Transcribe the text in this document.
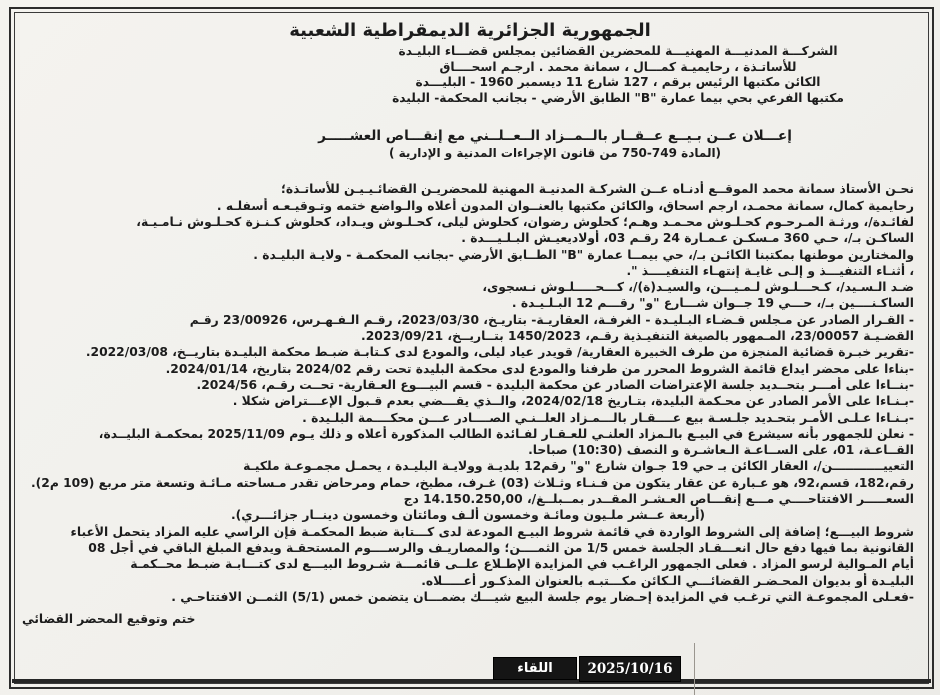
الجمهورية الجزائرية الديمقراطية الشعبية
الشركـــة المدنيـــة المهنيـــة للمحضرين القضائين بمجلس قضـــاء البليـدة
للأساتـذة ، رحايميـة كمـــال ، سمانة محمد . ارجـم اسحــــاق
الكائن مكتبها الرئيس برقم ، 127 شارع 11 ديسمبر 1960 - البليـــدة
مكتبها الفرعي بحي بيما عمارة "B" الطابق الأرضي - بجانب المحكمة- البليدة
إعـــلان عــن بـيــع عــقــار بالــمــزاد الــعــلــني مع إنقـــاص العشـــــر
(المادة 749-750 من قانون الإجراءات المدنية و الإدارية )
نحـن الأستاذ سمانة محمد الموقــع أدنـاه عــن الشركـة المدنيـة المهنية للمحضريـن القضائـيـيـن للأساتـذة؛
رحايمية كمال، سمانة محمـد، ارجم اسحاق، والكائن مكتبها بالعنــوان المدون أعلاه والـواضع ختمه وتـوقيـعـه أسفلـه .
لفائـدة/، ورثـة المـرحـوم كحـلـوش محـمـد وهـم؛ كحلوش رضوان، كحلوش ليلى، كحـلـوش ويـداد، كحلوش كـنـزة كحـلـوش نـامـيـة،
الساكـن بـ/، حـي 360 مـسكـن عـمـارة 24 رقـم 03، أولاديعيـش البـلـيـــدة .
والمختارين موطنها بمكتبنا الكائـن بـ/، حي بيمــا عمارة "B" الطــابق الأرضي -بجانب المحكمـة - ولايـة البليـدة .
، أثنـاء التنفيـــذ و إلـى غايـة إنتهـاء التنفيــــذ ".
ضـد الـسـيد/، كـحـــلـوش لـمـيـــن، والسيـد(ة)/، كـــحـــــلـوش نـسجوى،
الساكـنــــين بـ/، حـــي 19 جــوان شـــارع "و" رقـــم 12 البـلـيـدة .
- القـرار الصادر عن مـجلس قـضـاء البـليـدة - الغرفـة، العقاريـة- بتاريـخ، 2023/03/30، رقـم الـفـهـرس، 23/00926 رقـم
القضـيـة 23/00057، المـمهور بالصيغة التنفيـذية رقـم، 1450/2023 بتــاريــخ، 2023/09/21.
-تقرير خبـرة قضائية المنجزة من طرف الخبيرة العقارية/ قويدر عياد ليلى، والمودع لدى كـتابـة ضبـط محكمة البليـدة بتاريــخ، 2022/03/08.
-بناءا على محضر ايداع قائمة الشروط المحرر من طرفنا والمودع لدى محكمة البليدة تحت رقم 2024/02 بتاريخ، 2024/01/14.
-بنــاءا على أمـــر بتحــديد جلسة الإعتراضات الصادر عن محكمة البليدة - قسم البيـــوع العـقارية- تحــت رقـم، 2024/56.
-بـنـاءا على الأمر الصادر عن محـكمة البليدة، بتـاريخ 2024/02/18، والــذي يقـــضي بعدم قـبول الإعـــتراض شكلا .
-بـنـاءا عـلـى الأمـر بتحـديد جلـسـة بيع عــــقـار بالـــمـزاد العلــنـي الصــــادر عـــن محكــــمة البلـيدة .
- نعلن للجمهور بأنه سيشرع في البيـع بالـمزاد العلنـي للعـقـار لفـائدة الطالب المذكورة أعلاه و ذلك يـوم 2025/11/09 بمحكمـة البليــدة،
القــاعـة، 01، على الســاعـة الـعاشـرة و النصف (10:30) صباحا.
التعييــــــــــــن/، العقار الكائن بـ حي 19 جـوان شارع "و" رقم12 بلديـة وولايـة البليـدة ، يحمـل مجمـوعـة ملكيـة
رقم،182، قسم،92، هو عـبارة عن عقار يتكون من فـنـاء وثـلاث (03) غـرف، مطبخ، حمام ومرحاض تقدر مـساحته مـائـة وتسعة متر مربع (109 م2).
السعـــــر الافتتاحــــي مـــع إنقـــاص العـشـر المقــدر بمــبلــغ/، 14.150.250,00 دج
(أربعة عــشر ملـيون ومائـة وخمسون ألـف ومائتان وخمسون دينــار جزائـــري).
شروط البيـــع؛ إضافة إلى الشروط الواردة في قائمة شروط البيـع المودعة لدى كـــتابة ضبط المحكمـة فإن الراسي عليه المزاد يتحمل الأعباء
القانونية بما فيها دفع حال انعـــقـاد الجلسة خمس 1/5 من الثمــــن؛ والمصاريـف والرســــوم المستحقـة ويدفع المبلغ الباقي في أجل 08
أيام المـوالية لرسو المزاد . فعلى الجمهور الراغـب في المزايدة الإطـلاع علــى قائمـــة شـروط البيـــع لدى كتـــابـة ضبـط محــكمـة
البليـدة أو بديوان المحـضـر القضائـــي الـكائن مكـــتبـه بالعنوان المذكـور أعـــــلاه.
-فعـلى المجموعـة التي ترغـب في المزايدة إحـضار يوم جلسة البيع شيـــك بضمـــان يتضمن خمس (5/1) الثمــن الافتتاحـي .
ختم وتوقيع المحضر القضائي
اللقاء	2025/10/16
